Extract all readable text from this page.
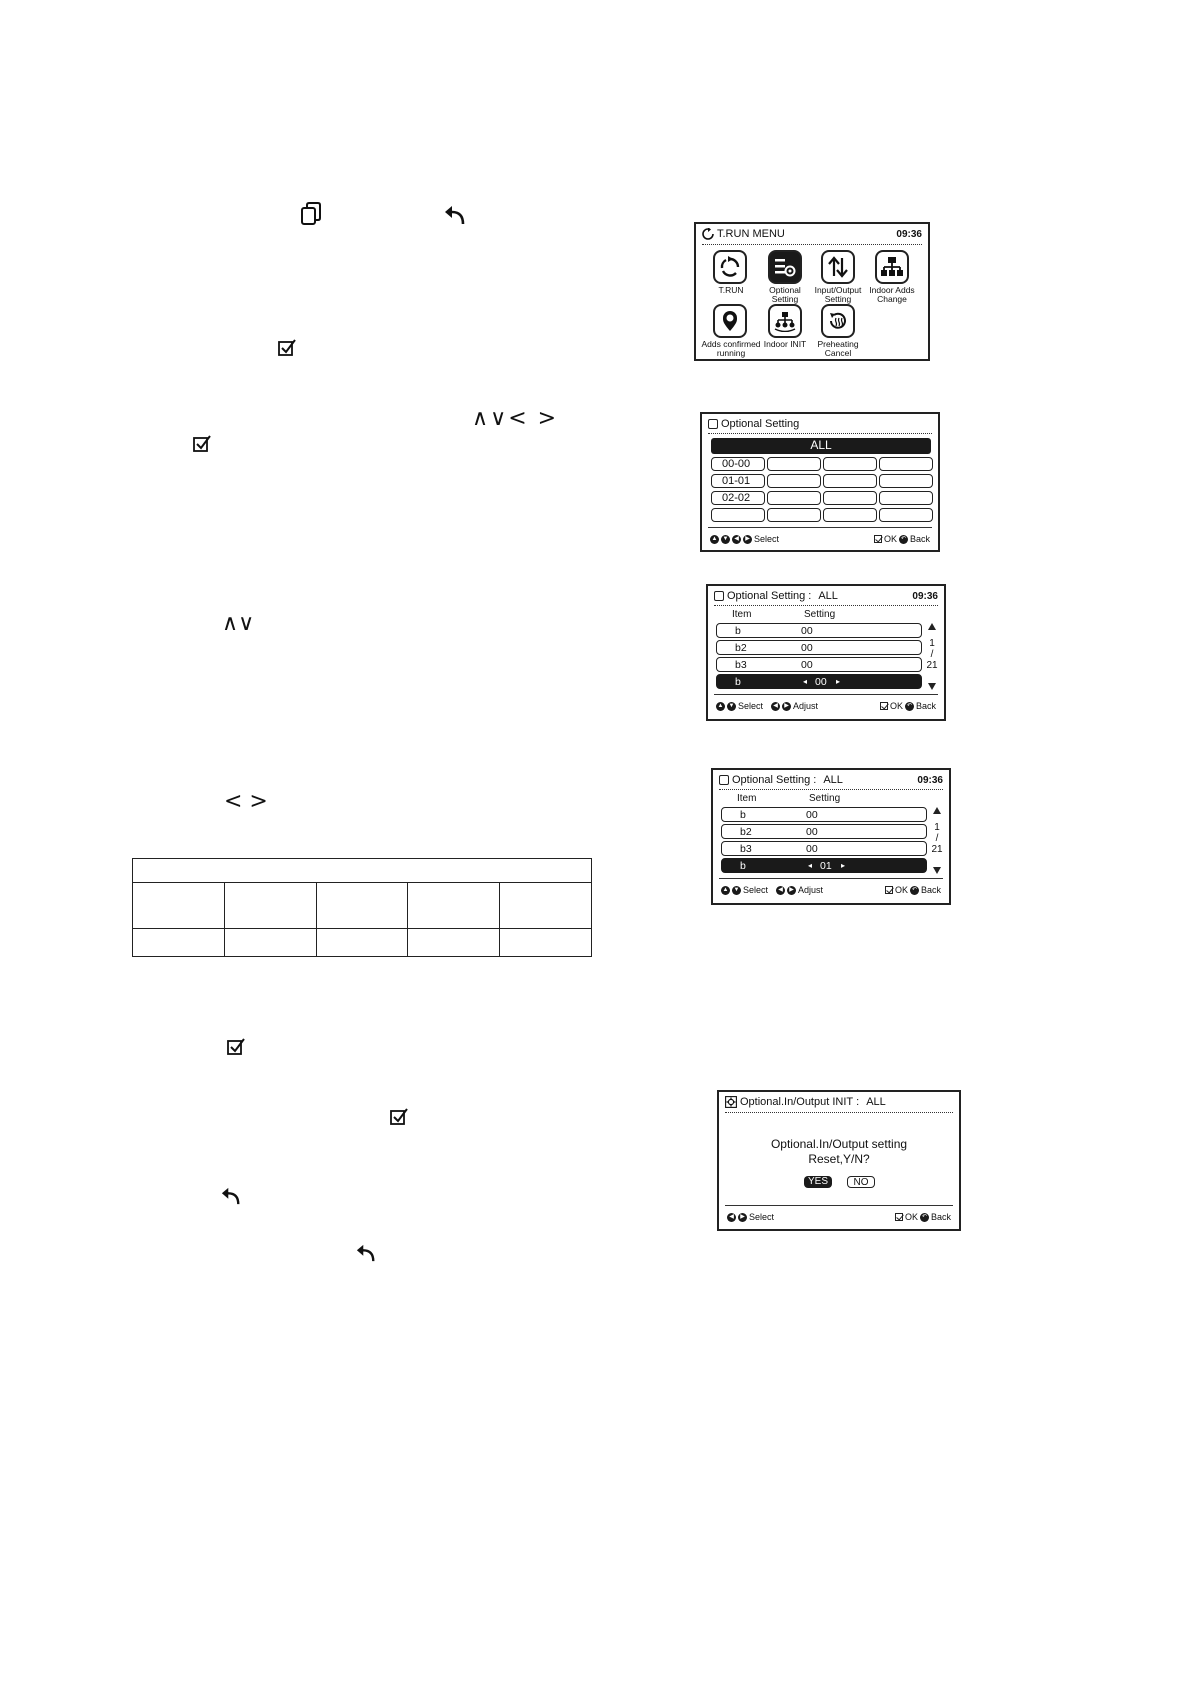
∧∨< >
∧∨
< >

T.RUN MENU	09:36
T.RUN	Optional
Setting
Input/Output
Setting
Indoor Adds
Change
Adds confirmed
running
Indoor INIT	Preheating
Cancel
Optional Setting
ALL
00-00
01-01
02-02
▲ ▼ ◀	▶ Select	OK ↶ Back
Optional Setting : ALL	09:36
Item	Setting
b	00
b2	00
b3	00
b	◂ 00 ▸
1
/
21
▲ ▼ Select	◀	▶ Adjust	OK ↶ Back
Optional Setting : ALL	09:36
Item	Setting
b	00
b2	00
b3	00
b	◂ 01 ▸
1
/
21
▲ ▼ Select	◀	▶ Adjust	OK ↶ Back
Optional.In/Output INIT : ALL
Optional.In/Output setting
Reset,Y/N?
YES	NO
◀	▶ Select	OK ↶ Back
